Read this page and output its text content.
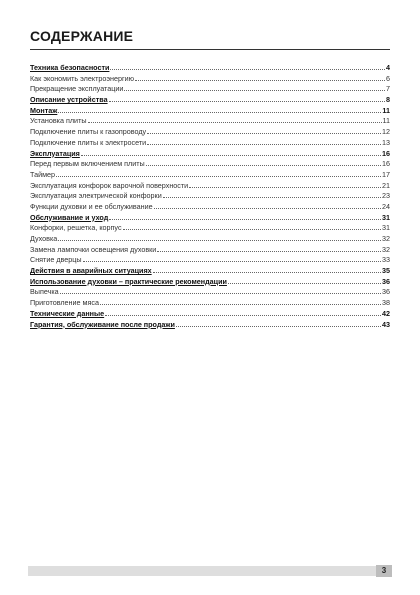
СОДЕРЖАНИЕ
Техника безопасности	4
Как экономить электроэнергию	6
Прекращение эксплуатации	7
Описание устройства	8
Монтаж	11
Установка плиты	11
Подключение плиты к газопроводу	12
Подключение плиты к электросети	13
Эксплуатация	16
Перед первым включением плиты	16
Таймер	17
Эксплуатация конфорок варочной поверхности	21
Эксплуатация электрической конфорки	23
Функции духовки и ее обслуживание	24
Обслуживание и уход	31
Конфорки, решетка, корпус	31
Духовка	32
Замена лампочки освещения духовки	32
Снятие дверцы	33
Действия в аварийных ситуациях	35
Использование духовки – практические рекомендации	36
Выпечка	36
Приготовление мяса	38
Технические данные	42
Гарантия, обслуживание после продажи	43
3
